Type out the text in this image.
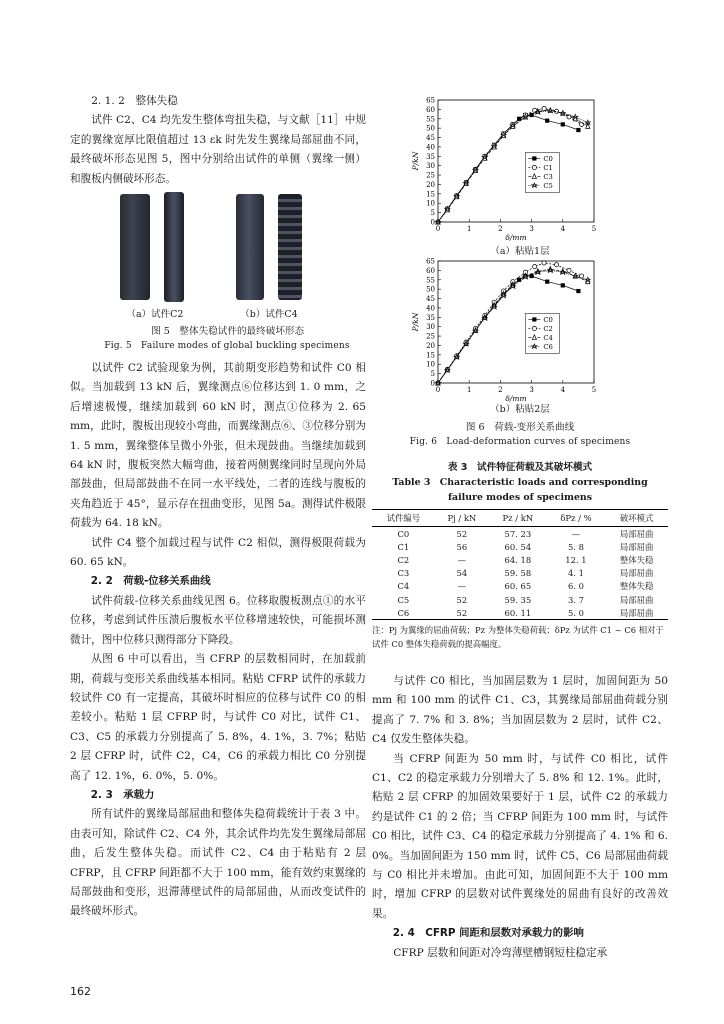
2. 1. 2　整体失稳

试件 C2、C4 均先发生整体弯扭失稳，与文献［11］中规定的翼缘宽厚比限值超过 13 εk 时先发生翼缘局部屈曲不同，最终破坏形态见图 5，图中分别给出试件的单侧（翼缘一侧）和腹板内侧破坏形态。

（a）试件C2	（b）试件C4

图 5　整体失稳试件的最终破坏形态

Fig. 5　Failure modes of global buckling specimens

以试件 C2 试验现象为例，其前期变形趋势和试件 C0 相似。当加载到 13 kN 后，翼缘测点⑥位移达到 1. 0 mm，之后增速极慢，继续加载到 60 kN 时，测点①位移为 2. 65 mm，此时，腹板出现较小弯曲，而翼缘测点⑥、③位移分别为 1. 5 mm，翼缘整体呈微小外张，但未现鼓曲。当继续加载到 64 kN 时，腹板突然大幅弯曲，接着两侧翼缘同时呈现向外局部鼓曲，但局部鼓曲不在同一水平线处，二者的连线与腹板的夹角趋近于 45°，显示存在扭曲变形，见图 5a。测得试件极限荷载为 64. 18 kN。

试件 C4 整个加载过程与试件 C2 相似，测得极限荷载为 60. 65 kN。

2. 2　荷载-位移关系曲线

试件荷载-位移关系曲线见图 6。位移取腹板测点①的水平位移，考虑到试件压溃后腹板水平位移增速较快，可能损坏测微计，图中位移只测得部分下降段。

从图 6 中可以看出，当 CFRP 的层数相同时，在加载前期，荷载与变形关系曲线基本相同。粘贴 CFRP 试件的承载力较试件 C0 有一定提高，其破坏时相应的位移与试件 C0 的相差较小。粘贴 1 层 CFRP 时，与试件 C0 对比，试件 C1、C3、C5 的承载力分别提高了 5. 8%，4. 1%，3. 7%；粘贴 2 层 CFRP 时，试件 C2，C4，C6 的承载力相比 C0 分别提高了 12. 1%，6. 0%，5. 0%。

2. 3　承载力

所有试件的翼缘局部屈曲和整体失稳荷载统计于表 3 中。由表可知，除试件 C2、C4 外，其余试件均先发生翼缘局部屈曲，后发生整体失稳。而试件 C2、C4 由于粘贴有 2 层 CFRP，且 CFRP 间距都不大于 100 mm，能有效约束翼缘的局部鼓曲和变形，迟滞薄壁试件的局部屈曲，从而改变试件的最终破坏形式。

162
0
5
10
15
20
25
30
35
40
45
50
55
60
65
0	1	2	3	4	5
P/kN
δ/mm
C0
C1
C3
C5
（a）粘贴1层
0
5
10
15
20
25
30
35
40
45
50
55
60
65
0	1	2	3	4	5
P/kN
δ/mm
C0
C2
C4
C6
（b）粘贴2层

图 6　荷载-变形关系曲线

Fig. 6　Load-deformation curves of specimens

表 3　试件特征荷载及其破坏模式

Table 3　Characteristic loads and corresponding

failure modes of specimens

试件编号	Pj / kN	Pz / kN	δPz / %	破坏模式
C0	52	57. 23	—	局部屈曲
C1	56	60. 54	5. 8	局部屈曲
C2	—	64. 18	12. 1	整体失稳
C3	54	59. 58	4. 1	局部屈曲
C4	—	60. 65	6. 0	整体失稳
C5	52	59. 35	3. 7	局部屈曲
C6	52	60. 11	5. 0	局部屈曲
注：Pj 为翼缘的屈曲荷载；Pz 为整体失稳荷载；δPz 为试件 C1 ~ C6 相对于试件 C0 整体失稳荷载的提高幅度。

与试件 C0 相比，当加固层数为 1 层时，加固间距为 50 mm 和 100 mm 的试件 C1、C3，其翼缘局部屈曲荷载分别提高了 7. 7% 和 3. 8%；当加固层数为 2 层时，试件 C2、C4 仅发生整体失稳。

当 CFRP 间距为 50 mm 时，与试件 C0 相比，试件 C1、C2 的稳定承载力分别增大了 5. 8% 和 12. 1%。此时，粘贴 2 层 CFRP 的加固效果要好于 1 层，试件 C2 的承载力约是试件 C1 的 2 倍；当 CFRP 间距为 100 mm 时，与试件 C0 相比，试件 C3、C4 的稳定承载力分别提高了 4. 1% 和 6. 0%。当加固间距为 150 mm 时，试件 C5、C6 局部屈曲荷载与 C0 相比并未增加。由此可知，加固间距不大于 100 mm 时，增加 CFRP 的层数对试件翼缘处的屈曲有良好的改善效果。

2. 4　CFRP 间距和层数对承载力的影响

CFRP 层数和间距对冷弯薄壁槽钢短柱稳定承
